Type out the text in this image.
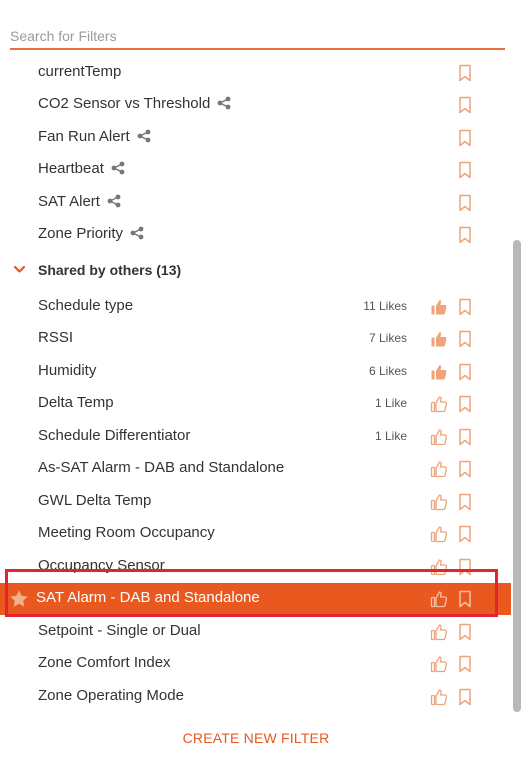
Search for Filters
currentTemp
CO2 Sensor vs Threshold
Fan Run Alert
Heartbeat
SAT Alert
Zone Priority
Shared by others (13)
Schedule type	11 Likes
RSSI	7 Likes
Humidity	6 Likes
Delta Temp	1 Like
Schedule Differentiator	1 Like
As-SAT Alarm - DAB and Standalone
GWL Delta Temp
Meeting Room Occupancy
Occupancy Sensor
SAT Alarm - DAB and Standalone
Setpoint - Single or Dual
Zone Comfort Index
Zone Operating Mode
CREATE NEW FILTER
